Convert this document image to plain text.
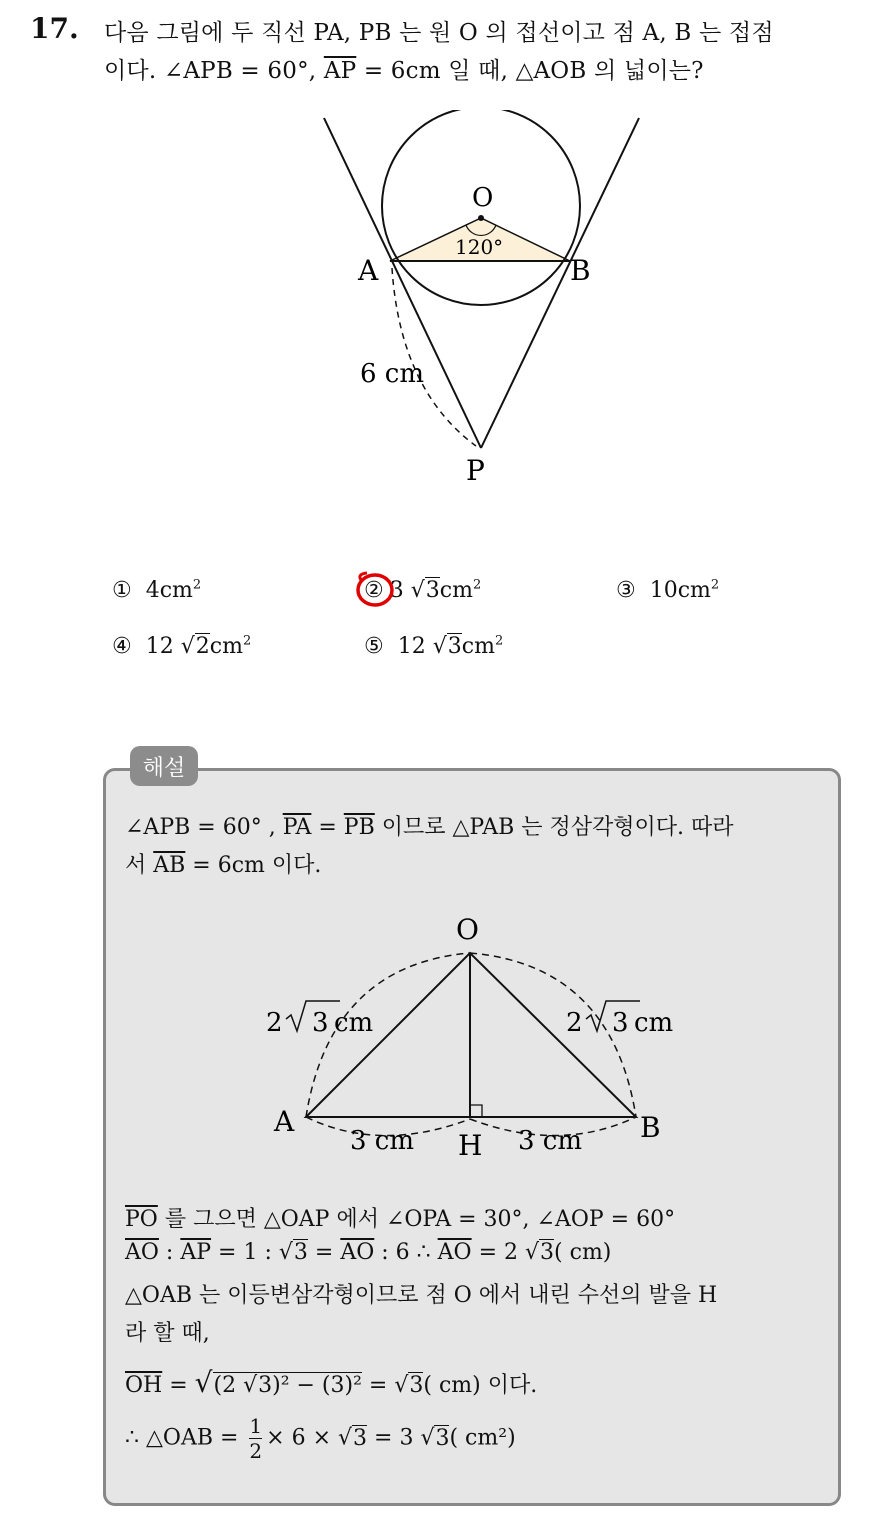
17. 다음 그림에 두 직선 PA, PB 는 원 O 의 접선이고 점 A, B 는 접점
이다. ∠APB = 60°, $\overline{AP} = 6cm$ 일 때, △AOB 의 넓이는?
O
A	B
P
120°
6 cm
① $4cm^2$	② 3 $√3cm^2$	③ $10cm^2$
④ 12 $√2cm^2$	⑤ 12 $√3cm^2$
해설
∠APB = 60° , $\overline{PA} = \overline{PB}$ 이므로 △PAB 는 정삼각형이다. 따라
서 $\overline{AB} = 6cm$ 이다.
O
A	B
H
2 3 cm	2 3 cm
3 cm	3 cm
$\overline{PO}$ 를 그으면 △OAP 에서 ∠OPA = 30°, ∠AOP = 60°
$\overline{AO}$ : $\overline{AP} = 1$ : $√3 = \overline{AO}$ : 6 ∴ $\overline{AO} = 2$ √3( cm)
△OAB 는 이등변삼각형이므로 점 O 에서 내린 수선의 발을 H
라 할 때,
$\overline{OH} = √(2$ √3)² − (3)² = √3( cm) 이다.
∴ △OAB = $\frac{1}{2} \times 6 \times √3 = 3$ √3( cm²)
